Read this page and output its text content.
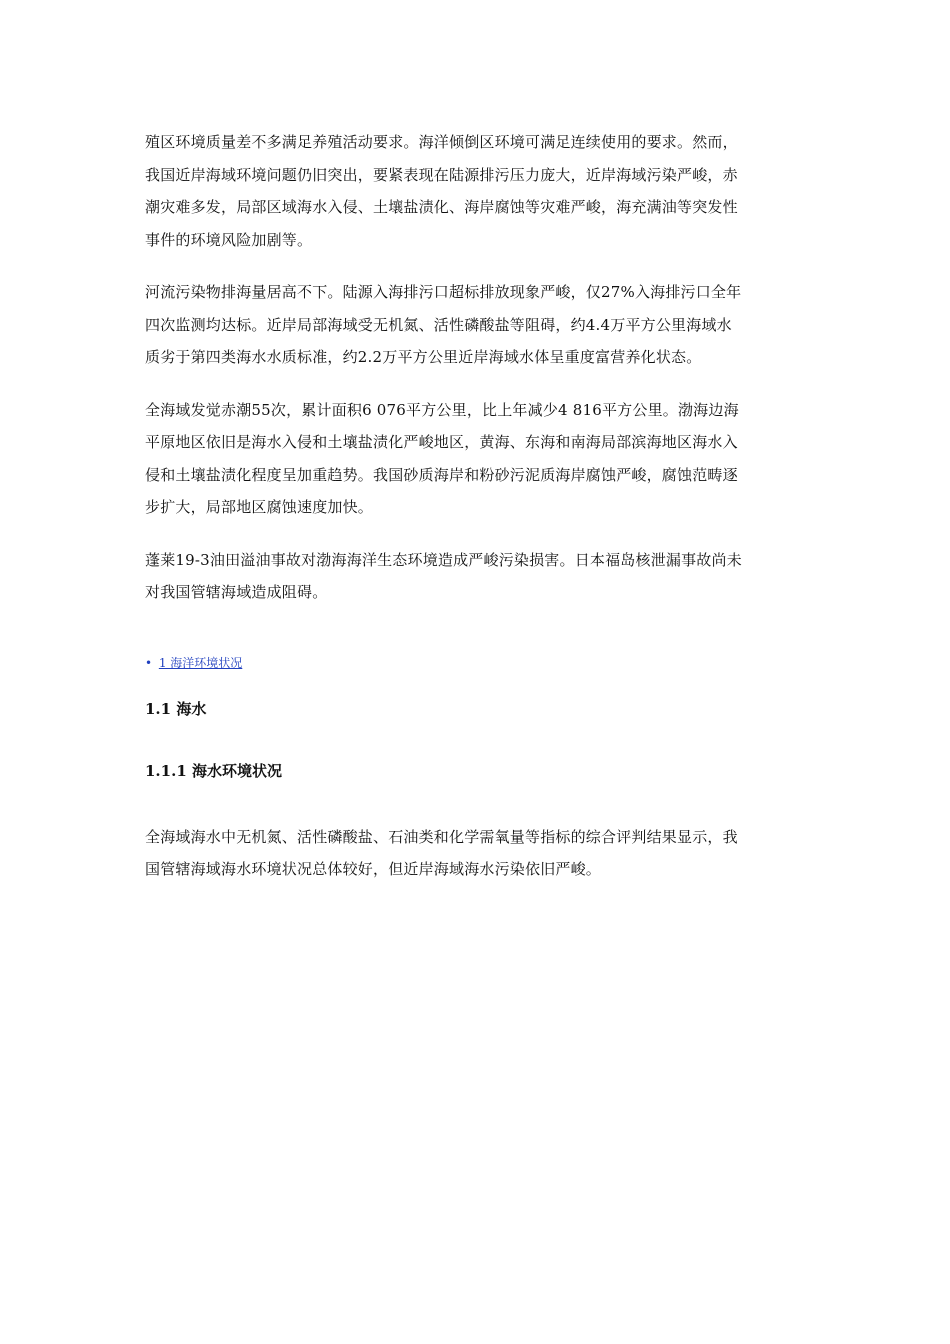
殖区环境质量差不多满足养殖活动要求。海洋倾倒区环境可满足连续使用的要求。然而，
我国近岸海域环境问题仍旧突出，要紧表现在陆源排污压力庞大，近岸海域污染严峻，赤
潮灾难多发，局部区域海水入侵、土壤盐渍化、海岸腐蚀等灾难严峻，海充满油等突发性
事件的环境风险加剧等。

河流污染物排海量居高不下。陆源入海排污口超标排放现象严峻，仅27%入海排污口全年
四次监测均达标。近岸局部海域受无机氮、活性磷酸盐等阻碍，约4.4万平方公里海域水
质劣于第四类海水水质标准，约2.2万平方公里近岸海域水体呈重度富营养化状态。

全海域发觉赤潮55次，累计面积6 076平方公里，比上年减少4 816平方公里。渤海边海
平原地区依旧是海水入侵和土壤盐渍化严峻地区，黄海、东海和南海局部滨海地区海水入
侵和土壤盐渍化程度呈加重趋势。我国砂质海岸和粉砂污泥质海岸腐蚀严峻，腐蚀范畴逐
步扩大，局部地区腐蚀速度加快。

蓬莱19-3油田溢油事故对渤海海洋生态环境造成严峻污染损害。日本福岛核泄漏事故尚未
对我国管辖海域造成阻碍。

• 1 海洋环境状况
1.1 海水
1.1.1 海水环境状况

全海域海水中无机氮、活性磷酸盐、石油类和化学需氧量等指标的综合评判结果显示，我
国管辖海域海水环境状况总体较好，但近岸海域海水污染依旧严峻。
